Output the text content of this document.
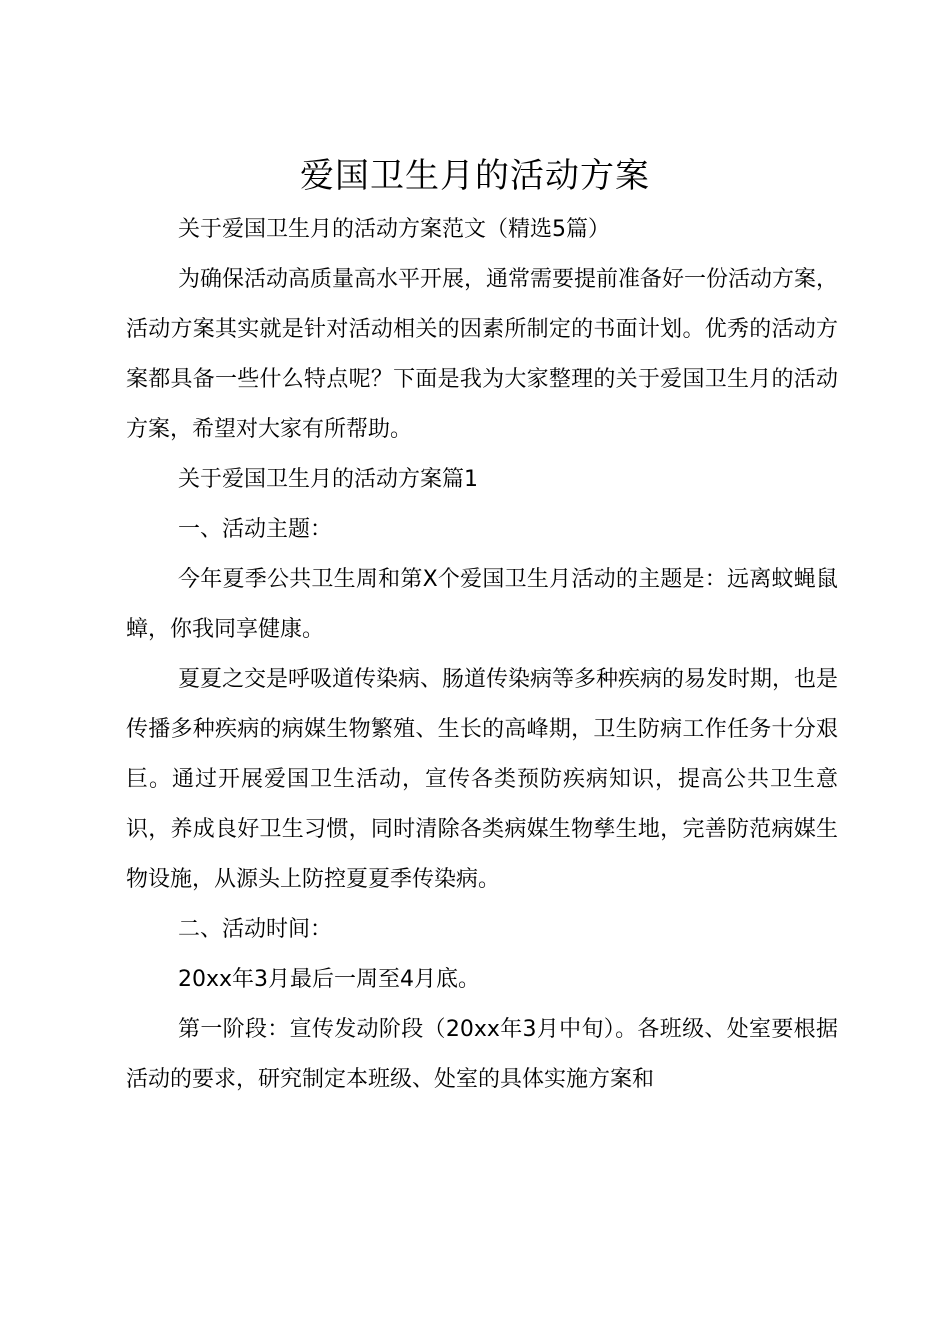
爱国卫生月的活动方案

关于爱国卫生月的活动方案范文（精选5篇）

为确保活动高质量高水平开展，通常需要提前准备好一份活动方案，活动方案其实就是针对活动相关的因素所制定的书面计划。优秀的活动方案都具备一些什么特点呢？下面是我为大家整理的关于爱国卫生月的活动方案，希望对大家有所帮助。

关于爱国卫生月的活动方案篇1

一、活动主题：

今年夏季公共卫生周和第X个爱国卫生月活动的主题是：远离蚊蝇鼠蟑，你我同享健康。

夏夏之交是呼吸道传染病、肠道传染病等多种疾病的易发时期，也是传播多种疾病的病媒生物繁殖、生长的高峰期，卫生防病工作任务十分艰巨。通过开展爱国卫生活动，宣传各类预防疾病知识，提高公共卫生意识，养成良好卫生习惯，同时清除各类病媒生物孳生地，完善防范病媒生物设施，从源头上防控夏夏季传染病。

二、活动时间：

20xx年3月最后一周至4月底。

第一阶段：宣传发动阶段（20xx年3月中旬）。各班级、处室要根据活动的要求，研究制定本班级、处室的具体实施方案和
